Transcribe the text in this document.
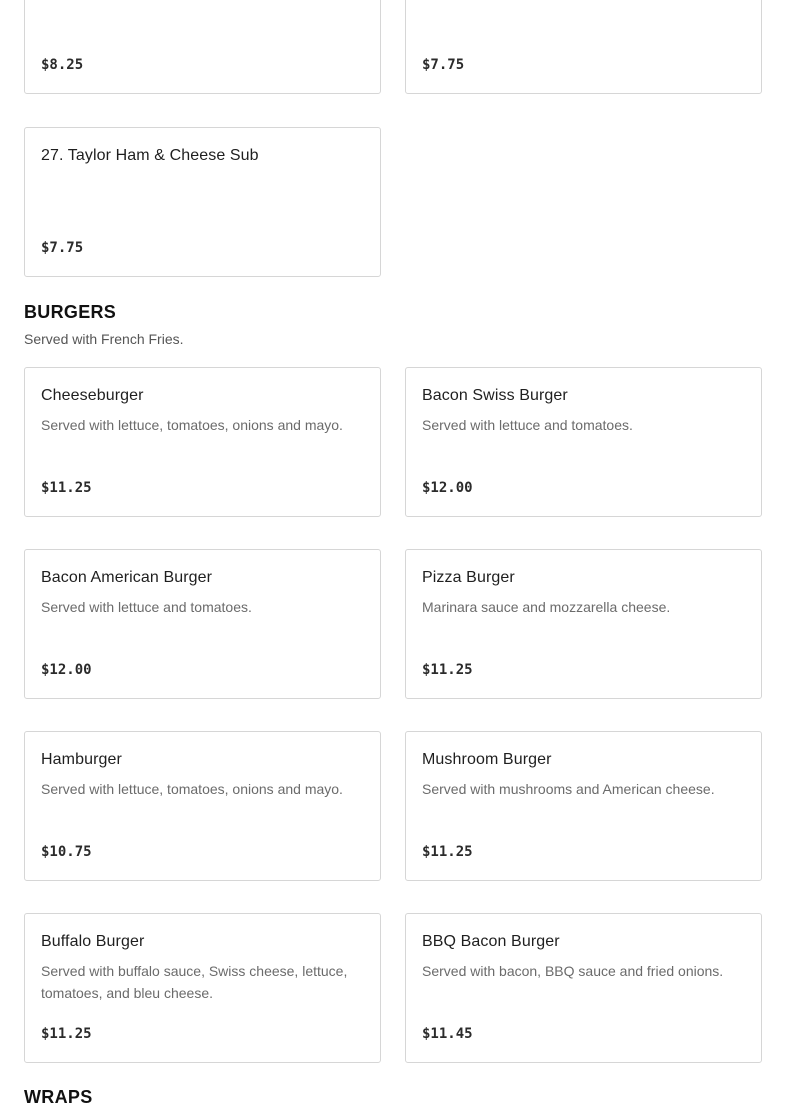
$8.25	$7.75
27. Taylor Ham & Cheese Sub
$7.75
BURGERS
Served with French Fries.
Cheeseburger
Served with lettuce, tomatoes, onions and mayo.
$11.25
Bacon Swiss Burger
Served with lettuce and tomatoes.
$12.00
Bacon American Burger
Served with lettuce and tomatoes.
$12.00
Pizza Burger
Marinara sauce and mozzarella cheese.
$11.25
Hamburger
Served with lettuce, tomatoes, onions and mayo.
$10.75
Mushroom Burger
Served with mushrooms and American cheese.
$11.25
Buffalo Burger
Served with buffalo sauce, Swiss cheese, lettuce, tomatoes, and bleu cheese.
$11.25
BBQ Bacon Burger
Served with bacon, BBQ sauce and fried onions.
$11.45
WRAPS
